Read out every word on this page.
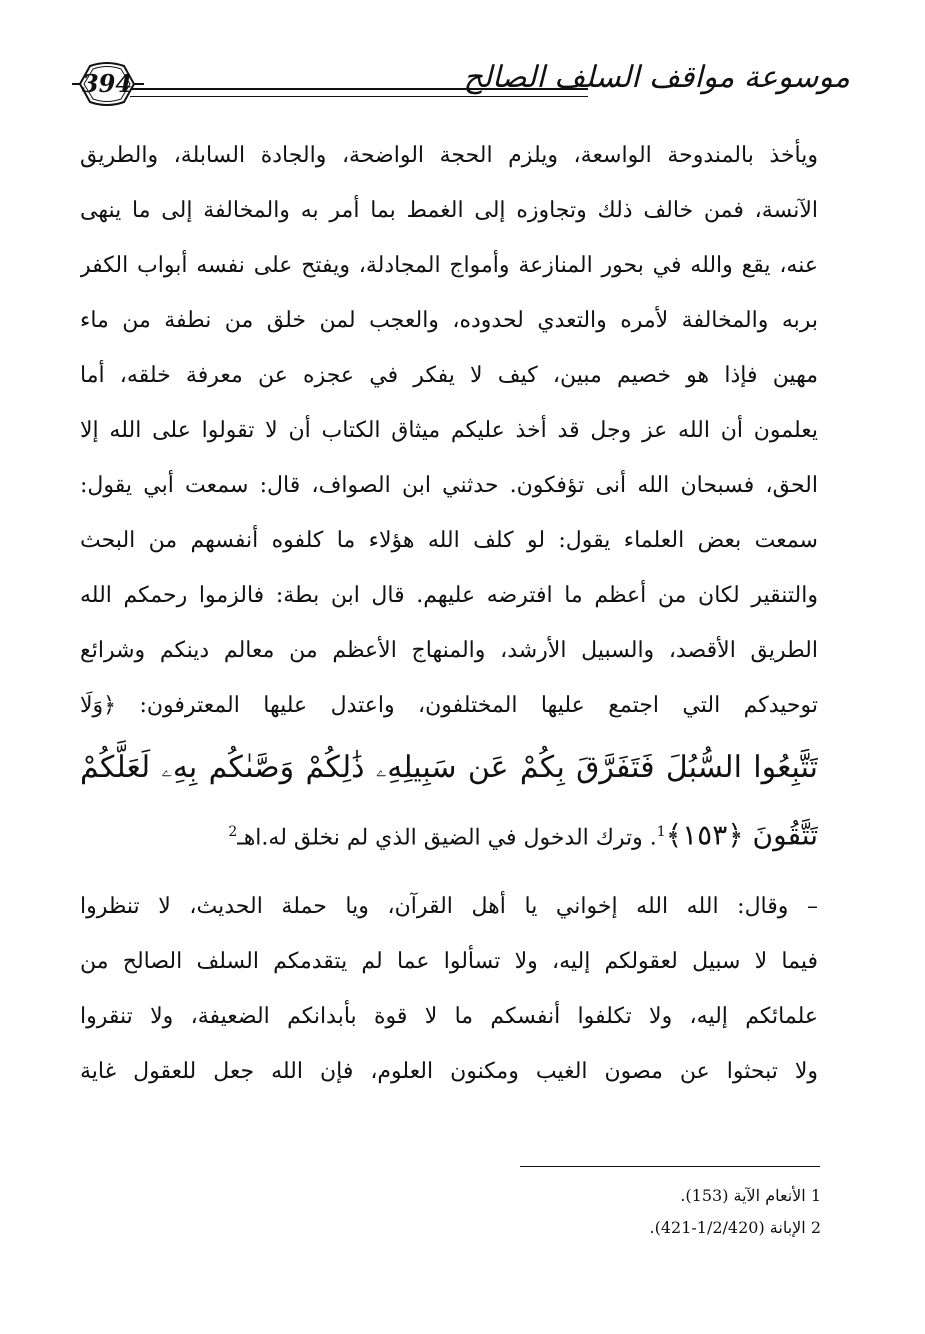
موسوعة مواقف السلف الصالح
394
ويأخذ بالمندوحة الواسعة، ويلزم الحجة الواضحة، والجادة السابلة، والطريق
الآنسة، فمن خالف ذلك وتجاوزه إلى الغمط بما أمر به والمخالفة إلى ما ينهى
عنه، يقع والله في بحور المنازعة وأمواج المجادلة، ويفتح على نفسه أبواب الكفر
بربه والمخالفة لأمره والتعدي لحدوده، والعجب لمن خلق من نطفة من ماء
مهين فإذا هو خصيم مبين، كيف لا يفكر في عجزه عن معرفة خلقه، أما
يعلمون أن الله عز وجل قد أخذ عليكم ميثاق الكتاب أن لا تقولوا على الله إلا
الحق، فسبحان الله أنى تؤفكون. حدثني ابن الصواف، قال: سمعت أبي يقول:
سمعت بعض العلماء يقول: لو كلف الله هؤلاء ما كلفوه أنفسهم من البحث
والتنقير لكان من أعظم ما افترضه عليهم. قال ابن بطة: فالزموا رحمكم الله
الطريق الأقصد، والسبيل الأرشد، والمنهاج الأعظم من معالم دينكم وشرائع
توحيدكم التي اجتمع عليها المختلفون، واعتدل عليها المعترفون: ﴿وَلَا
تَتَّبِعُوا السُّبُلَ فَتَفَرَّقَ بِكُمْ عَن سَبِيلِهِۦ ذَٰلِكُمْ وَصَّىٰكُم بِهِۦ لَعَلَّكُمْ
تَتَّقُونَ ﴿١٥٣﴾$^1$. وترك الدخول في الضيق الذي لم نخلق له.اهـ$^2$
– وقال: الله الله إخواني يا أهل القرآن، ويا حملة الحديث، لا تنظروا
فيما لا سبيل لعقولكم إليه، ولا تسألوا عما لم يتقدمكم السلف الصالح من
علمائكم إليه، ولا تكلفوا أنفسكم ما لا قوة بأبدانكم الضعيفة، ولا تنقروا
ولا تبحثوا عن مصون الغيب ومكنون العلوم، فإن الله جعل للعقول غاية
1 الأنعام الآية (153).
2 الإبانة (1/2/420-421).
